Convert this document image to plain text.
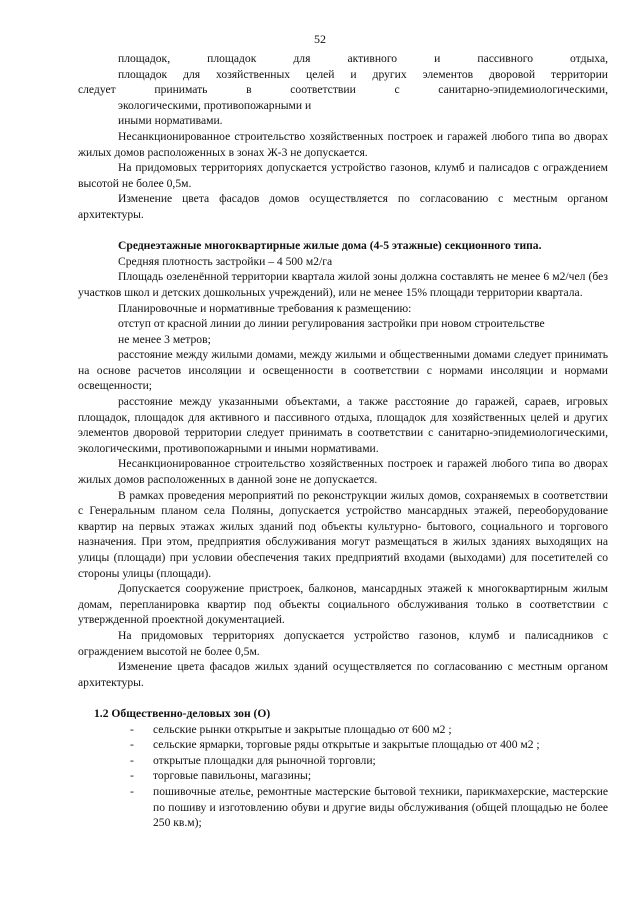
52

площадок, площадок для активного и пассивного отдыха,

площадок для хозяйственных целей и других элементов дворовой территории

следует принимать в соответствии с санитарно-эпидемиологическими,

экологическими, противопожарными и

иными нормативами.

Несанкционированное строительство хозяйственных построек и гаражей любого типа во дворах жилых домов расположенных в зонах Ж-3 не допускается.

На придомовых территориях допускается устройство газонов, клумб и палисадов с ограждением высотой не более 0,5м.

Изменение цвета фасадов домов осуществляется по согласованию с местным органом архитектуры.

Среднеэтажные многоквартирные жилые дома (4-5 этажные) секционного типа.

Средняя плотность застройки – 4 500 м2/га

Площадь озеленённой территории квартала жилой зоны должна составлять не менее 6 м2/чел (без участков школ и детских дошкольных учреждений), или не менее 15% площади территории квартала.

Планировочные и нормативные требования к размещению:

отступ от красной линии до линии регулирования застройки при новом строительстве

не менее 3 метров;

расстояние между жилыми домами, между жилыми и общественными домами следует принимать на основе расчетов инсоляции и освещенности в соответствии с нормами инсоляции и нормами освещенности;

расстояние между указанными объектами, а также расстояние до гаражей, сараев, игровых площадок, площадок для активного и пассивного отдыха, площадок для хозяйственных целей и других элементов дворовой территории следует принимать в соответствии с санитарно-эпидемиологическими, экологическими, противопожарными и иными нормативами.

Несанкционированное строительство хозяйственных построек и гаражей любого типа во дворах жилых домов расположенных в данной зоне не допускается.

В рамках проведения мероприятий по реконструкции жилых домов, сохраняемых в соответствии с Генеральным планом села Поляны, допускается устройство мансардных этажей, переоборудование квартир на первых этажах жилых зданий под объекты культурно- бытового, социального и торгового назначения. При этом, предприятия обслуживания могут размещаться в жилых зданиях выходящих на улицы (площади) при условии обеспечения таких предприятий входами (выходами) для посетителей со стороны улицы (площади).

Допускается сооружение пристроек, балконов, мансардных этажей к многоквартирным жилым домам, перепланировка квартир под объекты социального обслуживания только в соответствии с утвержденной проектной документацией.

На придомовых территориях допускается устройство газонов, клумб и палисадников с ограждением высотой не более 0,5м.

Изменение цвета фасадов жилых зданий осуществляется по согласованию с местным органом архитектуры.

1.2 Общественно-деловых зон (О)

- сельские рынки открытые и закрытые площадью от 600 м2 ;
- сельские ярмарки, торговые ряды открытые и закрытые площадью от 400 м2 ;
- открытые площадки для рыночной торговли;
- торговые павильоны, магазины;
- пошивочные ателье, ремонтные мастерские бытовой техники, парикмахерские, мастерские по пошиву и изготовлению обуви и другие виды обслуживания (общей площадью не более 250 кв.м);
